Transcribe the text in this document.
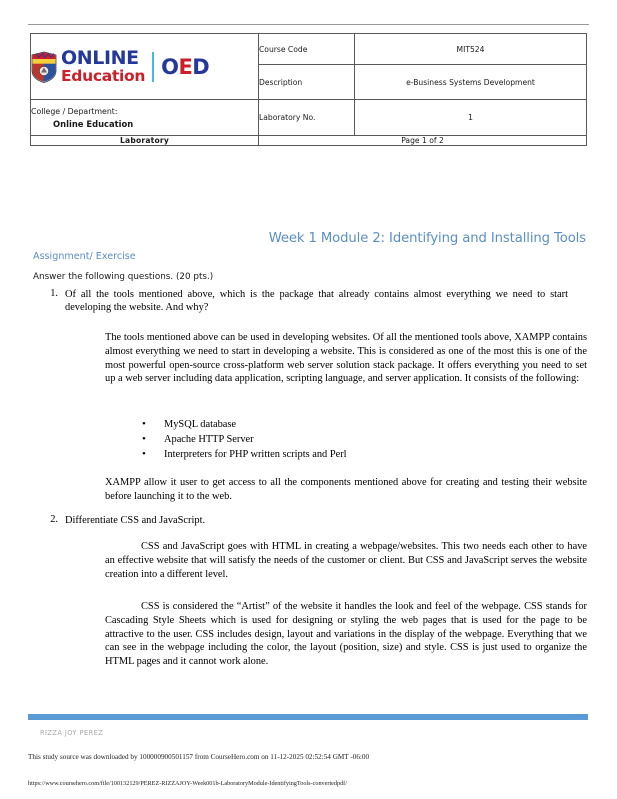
ONLINE
Education OED	Course Code	MIT524
	Description	e-Business Systems Development

College / Department:
Online Education	Laboratory No.	1
Laboratory	Page 1 of 2	
Week 1 Module 2: Identifying and Installing Tools
Assignment/ Exercise
Answer the following questions. (20 pts.)
1. Of all the tools mentioned above, which is the package that already contains almost everything we need to start developing the website. And why?
The tools mentioned above can be used in developing websites. Of all the mentioned tools above, XAMPP contains almost everything we need to start in developing a website. This is considered as one of the most this is one of the most powerful open-source cross-platform web server solution stack package. It offers everything you need to set up a web server including data application, scripting language, and server application. It consists of the following:
• MySQL database
• Apache HTTP Server
• Interpreters for PHP written scripts and Perl
XAMPP allow it user to get access to all the components mentioned above for creating and testing their website before launching it to the web.
2. Differentiate CSS and JavaScript.
CSS and JavaScript goes with HTML in creating a webpage/websites. This two needs each other to have an effective website that will satisfy the needs of the customer or client. But CSS and JavaScript serves the website creation into a different level.
CSS is considered the “Artist” of the website it handles the look and feel of the webpage. CSS stands for Cascading Style Sheets which is used for designing or styling the web pages that is used for the page to be attractive to the user. CSS includes design, layout and variations in the display of the webpage. Everything that we can see in the webpage including the color, the layout (position, size) and style. CSS is just used to organize the HTML pages and it cannot work alone.
RIZZA JOY PEREZ
This study source was downloaded by 100000900501157 from CourseHero.com on 11-12-2025 02:52:54 GMT -06:00
https://www.coursehero.com/file/100132129/PEREZ-RIZZAJOY-Week001b-LaboratoryModule-IdentifyingTools-convertedpdf/
